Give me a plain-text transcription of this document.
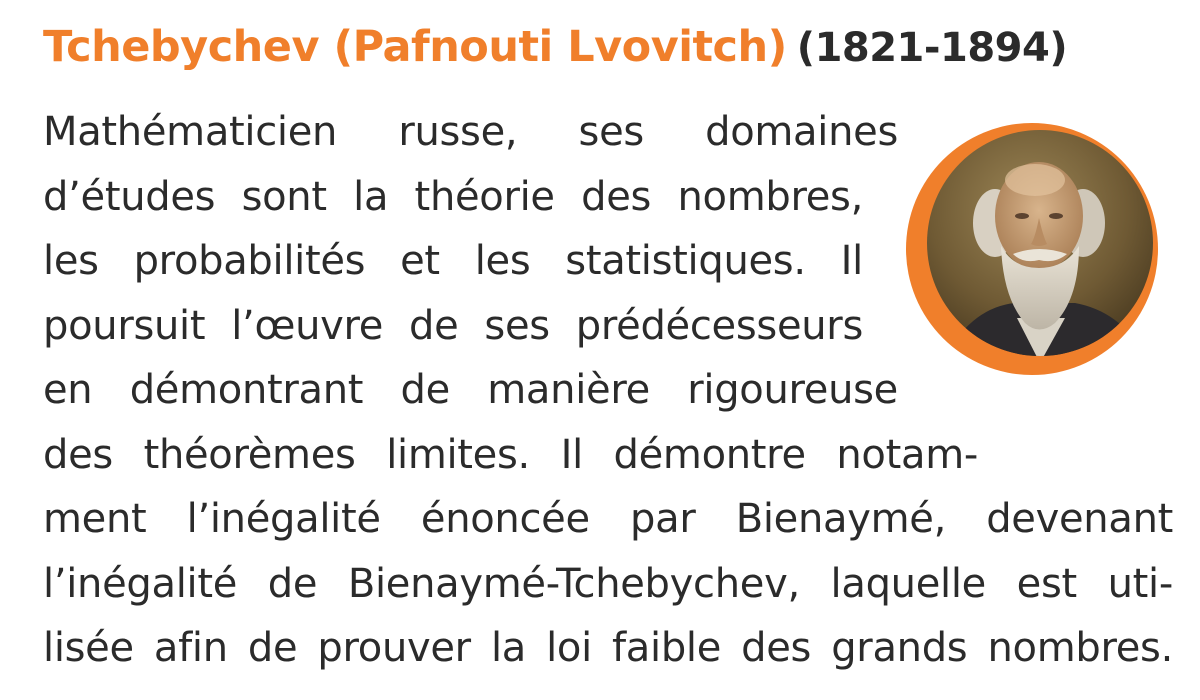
Tchebychev (Pafnouti Lvovitch) (1821-1894)
Mathématicien russe, ses domaines
d’études sont la théorie des nombres,
les probabilités et les statistiques. Il
poursuit l’œuvre de ses prédécesseurs
en démontrant de manière rigoureuse
des théorèmes limites. Il démontre notam-
ment l’inégalité énoncée par Bienaymé, devenant
l’inégalité de Bienaymé-Tchebychev, laquelle est uti-
lisée afin de prouver la loi faible des grands nombres.
